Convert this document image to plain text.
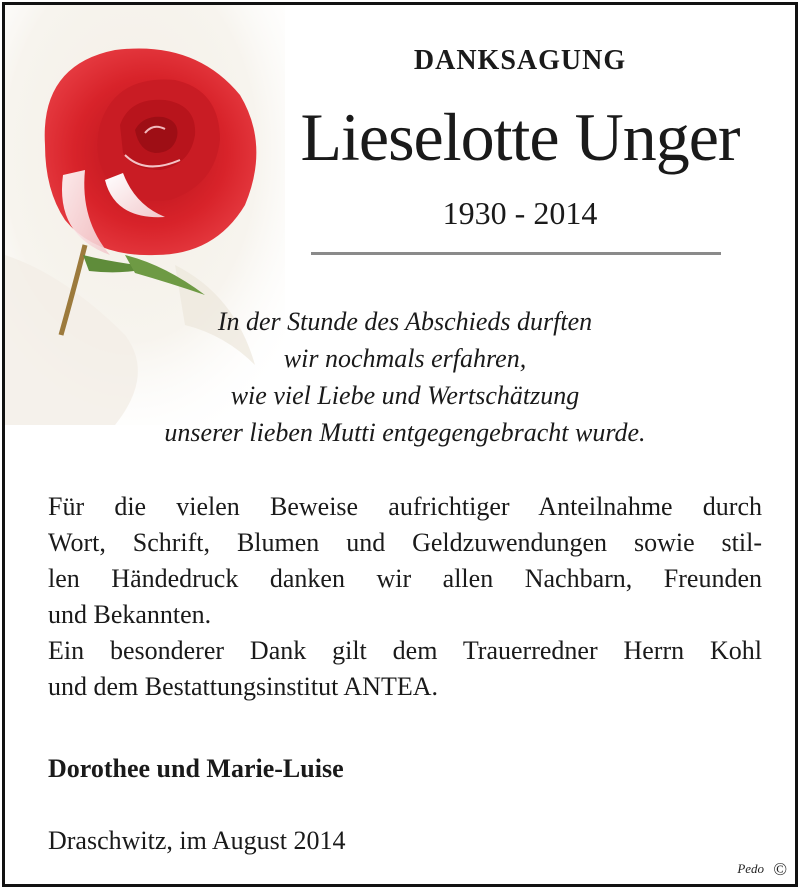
DANKSAGUNG
Lieselotte Unger
1930 - 2014
In der Stunde des Abschieds durften
wir nochmals erfahren,
wie viel Liebe und Wertschätzung
unserer lieben Mutti entgegengebracht wurde.
Für die vielen Beweise aufrichtiger Anteilnahme durch
Wort, Schrift, Blumen und Geldzuwendungen sowie stil-
len Händedruck danken wir allen Nachbarn, Freunden
und Bekannten.
Ein besonderer Dank gilt dem Trauerredner Herrn Kohl
und dem Bestattungsinstitut ANTEA.
Dorothee und Marie-Luise
Draschwitz, im August 2014
Pedo ©
